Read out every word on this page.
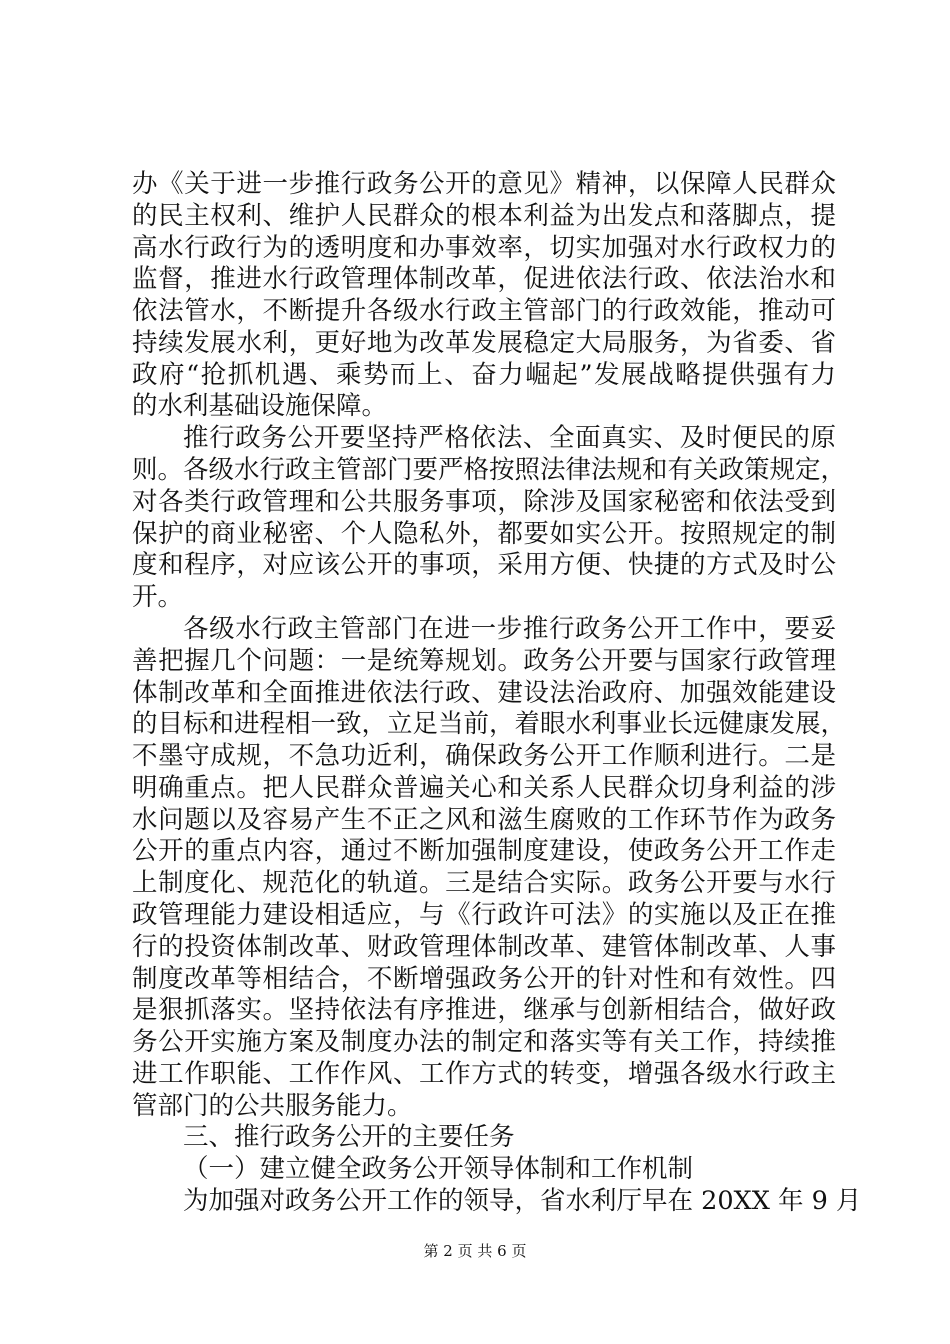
办《关于进一步推行政务公开的意见》精神，以保障人民群众
的民主权利、维护人民群众的根本利益为出发点和落脚点，提
高水行政行为的透明度和办事效率，切实加强对水行政权力的
监督，推进水行政管理体制改革，促进依法行政、依法治水和
依法管水，不断提升各级水行政主管部门的行政效能，推动可
持续发展水利，更好地为改革发展稳定大局服务，为省委、省
政府“抢抓机遇、乘势而上、奋力崛起”发展战略提供强有力
的水利基础设施保障。
推行政务公开要坚持严格依法、全面真实、及时便民的原
则。各级水行政主管部门要严格按照法律法规和有关政策规定，
对各类行政管理和公共服务事项，除涉及国家秘密和依法受到
保护的商业秘密、个人隐私外，都要如实公开。按照规定的制
度和程序，对应该公开的事项，采用方便、快捷的方式及时公
开。
各级水行政主管部门在进一步推行政务公开工作中，要妥
善把握几个问题：一是统筹规划。政务公开要与国家行政管理
体制改革和全面推进依法行政、建设法治政府、加强效能建设
的目标和进程相一致，立足当前，着眼水利事业长远健康发展，
不墨守成规，不急功近利，确保政务公开工作顺利进行。二是
明确重点。把人民群众普遍关心和关系人民群众切身利益的涉
水问题以及容易产生不正之风和滋生腐败的工作环节作为政务
公开的重点内容，通过不断加强制度建设，使政务公开工作走
上制度化、规范化的轨道。三是结合实际。政务公开要与水行
政管理能力建设相适应，与《行政许可法》的实施以及正在推
行的投资体制改革、财政管理体制改革、建管体制改革、人事
制度改革等相结合，不断增强政务公开的针对性和有效性。四
是狠抓落实。坚持依法有序推进，继承与创新相结合，做好政
务公开实施方案及制度办法的制定和落实等有关工作，持续推
进工作职能、工作作风、工作方式的转变，增强各级水行政主
管部门的公共服务能力。
三、推行政务公开的主要任务
（一）建立健全政务公开领导体制和工作机制
为加强对政务公开工作的领导，省水利厅早在 20XX 年 9 月
第 2 页 共 6 页
